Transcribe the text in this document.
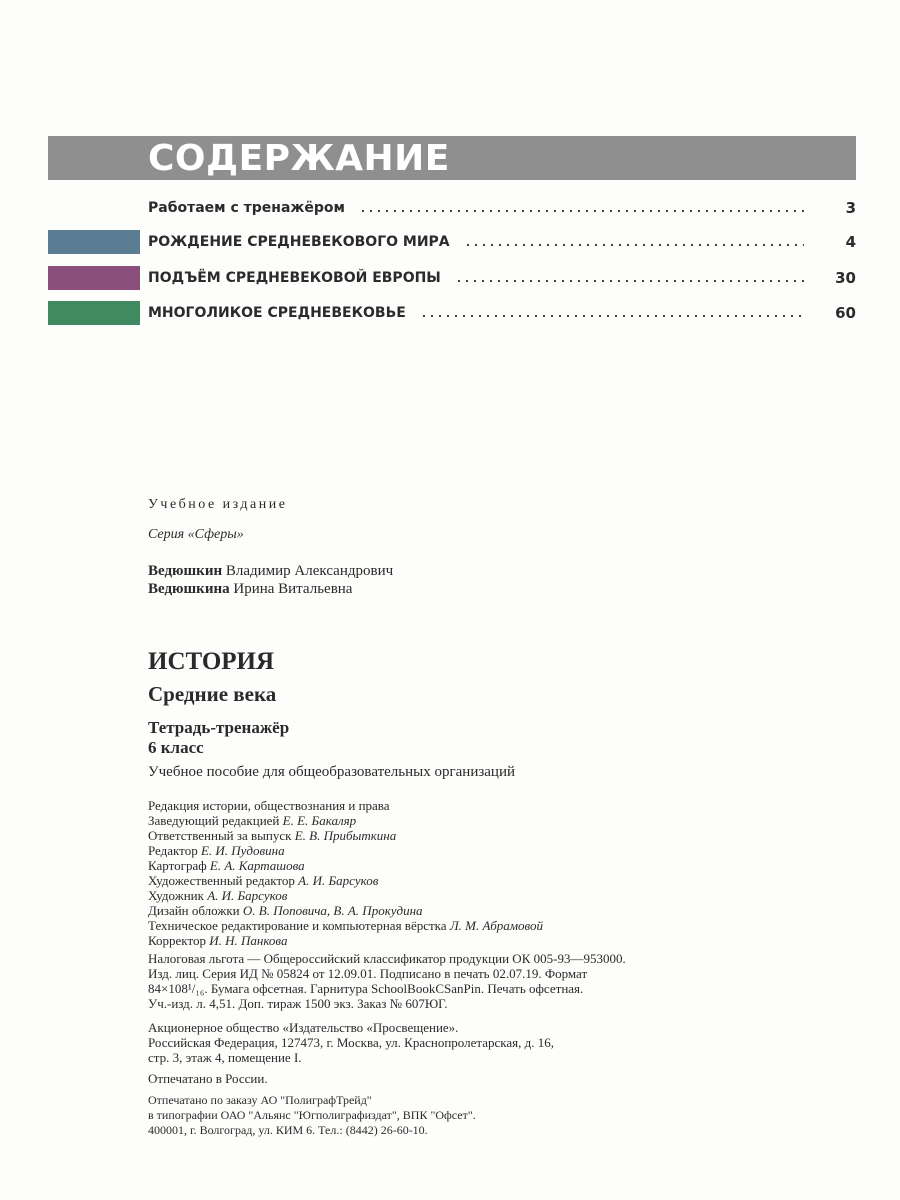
СОДЕРЖАНИЕ
Работаем с тренажёром	3
РОЖДЕНИЕ СРЕДНЕВЕКОВОГО МИРА	4
ПОДЪЁМ СРЕДНЕВЕКОВОЙ ЕВРОПЫ	30
МНОГОЛИКОЕ СРЕДНЕВЕКОВЬЕ	60
Учебное издание
Серия «Сферы»
Ведюшкин Владимир Александрович
Ведюшкина Ирина Витальевна
ИСТОРИЯ
Средние века
Тетрадь-тренажёр
6 класс
Учебное пособие для общеобразовательных организаций
Редакция истории, обществознания и права
Заведующий редакцией Е. Е. Бакаляр
Ответственный за выпуск Е. В. Прибыткина
Редактор Е. И. Пудовина
Картограф Е. А. Карташова
Художественный редактор А. И. Барсуков
Художник А. И. Барсуков
Дизайн обложки О. В. Поповича, В. А. Прокудина
Техническое редактирование и компьютерная вёрстка Л. М. Абрамовой
Корректор И. Н. Панкова
Налоговая льгота — Общероссийский классификатор продукции ОК 005-93—953000.
Изд. лиц. Серия ИД № 05824 от 12.09.01. Подписано в печать 02.07.19. Формат
84×108¹/₁₆. Бумага офсетная. Гарнитура SchoolBookCSanPin. Печать офсетная.
Уч.-изд. л. 4,51. Доп. тираж 1500 экз. Заказ № 607ЮГ.
Акционерное общество «Издательство «Просвещение».
Российская Федерация, 127473, г. Москва, ул. Краснопролетарская, д. 16,
стр. 3, этаж 4, помещение I.
Отпечатано в России.
Отпечатано по заказу АО "ПолиграфТрейд"
в типографии ОАО "Альянс "Югполиграфиздат", ВПК "Офсет".
400001, г. Волгоград, ул. КИМ 6. Тел.: (8442) 26-60-10.
